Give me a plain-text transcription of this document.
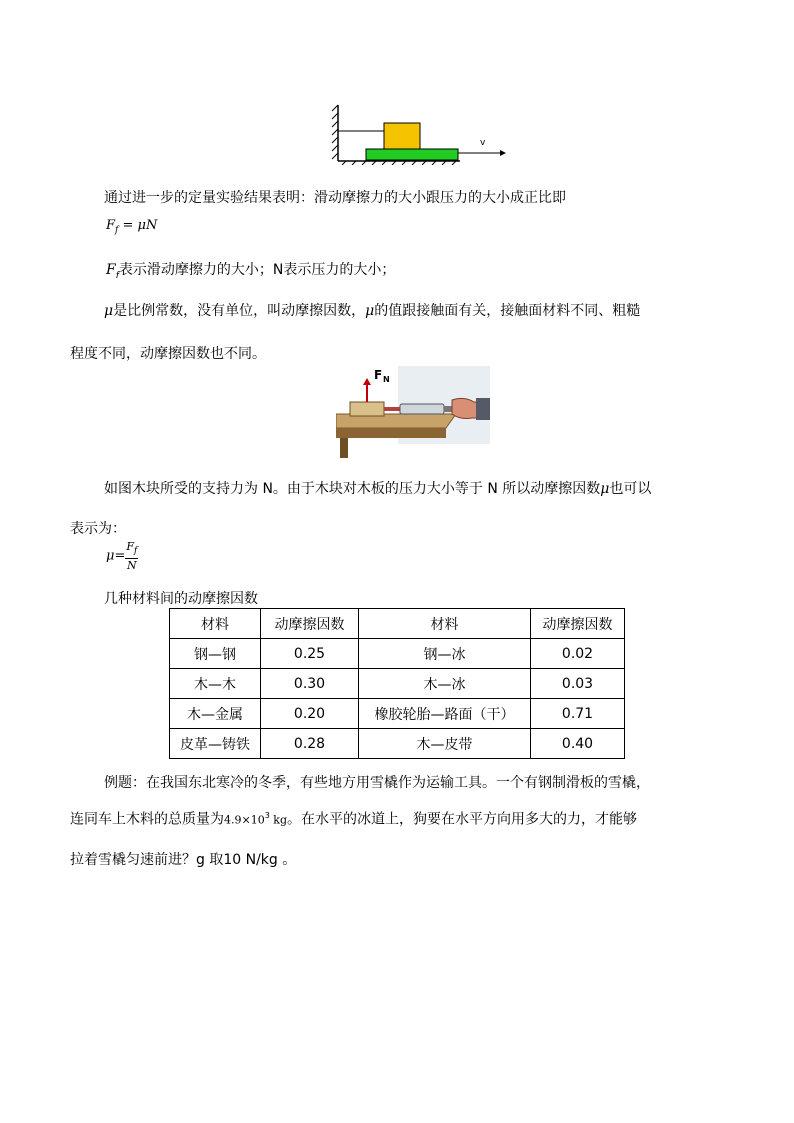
v
通过进一步的定量实验结果表明：滑动摩擦力的大小跟压力的大小成正比即
$F_f = \mu N$
$F_f$表示滑动摩擦力的大小；N表示压力的大小；
μ是比例常数，没有单位，叫动摩擦因数，μ的值跟接触面有关，接触面材料不同、粗糙
程度不同，动摩擦因数也不同。
F N
如图木块所受的支持力为 N。由于木块对木板的压力大小等于 N 所以动摩擦因数μ也可以
表示为：
$\mu= \frac{F_f}{N}$
几种材料间的动摩擦因数
材料	动摩擦因数	材料	动摩擦因数
钢—钢	0.25	钢—冰	0.02
木—木	0.30	木—冰	0.03
木—金属	0.20	橡胶轮胎—路面（干）	0.71
皮革—铸铁	0.28	木—皮带	0.40
例题：在我国东北寒冷的冬季，有些地方用雪橇作为运输工具。一个有钢制滑板的雪橇，
连同车上木料的总质量为$4.9\times 10^3$ kg。在水平的冰道上，狗要在水平方向用多大的力，才能够
拉着雪橇匀速前进？g 取10 N/kg 。
